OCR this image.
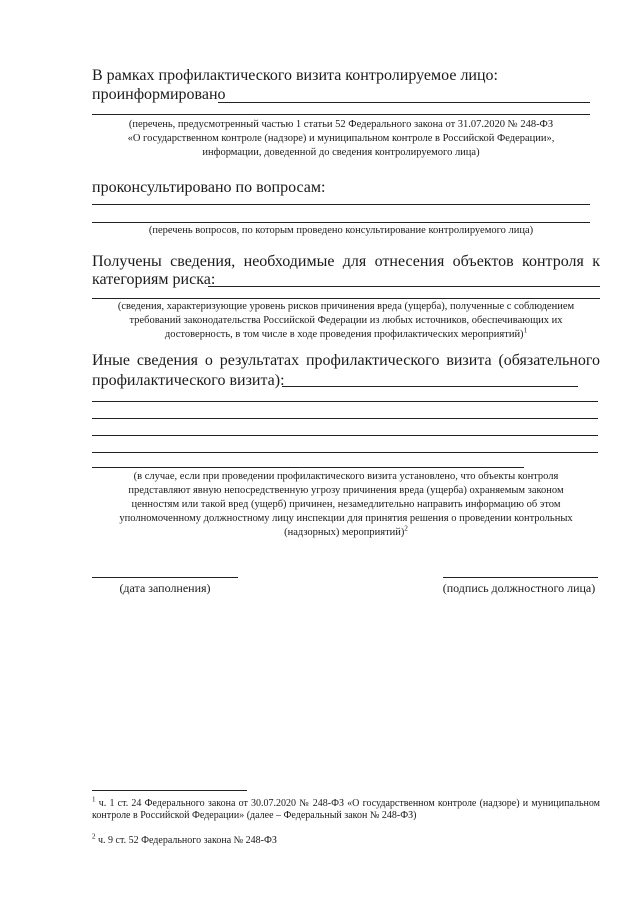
В рамках профилактического визита контролируемое лицо:
проинформировано
(перечень, предусмотренный частью 1 статьи 52 Федерального закона от 31.07.2020 № 248-ФЗ
«О государственном контроле (надзоре) и муниципальном контроле в Российской Федерации»,
информации, доведенной до сведения контролируемого лица)
проконсультировано по вопросам:
(перечень вопросов, по которым проведено консультирование контролируемого лица)
Получены сведения, необходимые для отнесения объектов контроля к
категориям риска:
(сведения, характеризующие уровень рисков причинения вреда (ущерба), полученные с соблюдением
требований законодательства Российской Федерации из любых источников, обеспечивающих их
достоверность, в том числе в ходе проведения профилактических мероприятий)$^1$
Иные сведения о результатах профилактического визита (обязательного
профилактического визита):
(в случае, если при проведении профилактического визита установлено, что объекты контроля
представляют явную непосредственную угрозу причинения вреда (ущерба) охраняемым законом
ценностям или такой вред (ущерб) причинен, незамедлительно направить информацию об этом
уполномоченному должностному лицу инспекции для принятия решения о проведении контрольных
(надзорных) мероприятий)$^2$
(дата заполнения)	(подпись должностного лица)
$^1$ ч. 1 ст. 24 Федерального закона от 30.07.2020 № 248-ФЗ «О государственном контроле (надзоре) и муниципальном контроле в Российской Федерации» (далее – Федеральный закон № 248-ФЗ)
$^2$ ч. 9 ст. 52 Федерального закона № 248-ФЗ
